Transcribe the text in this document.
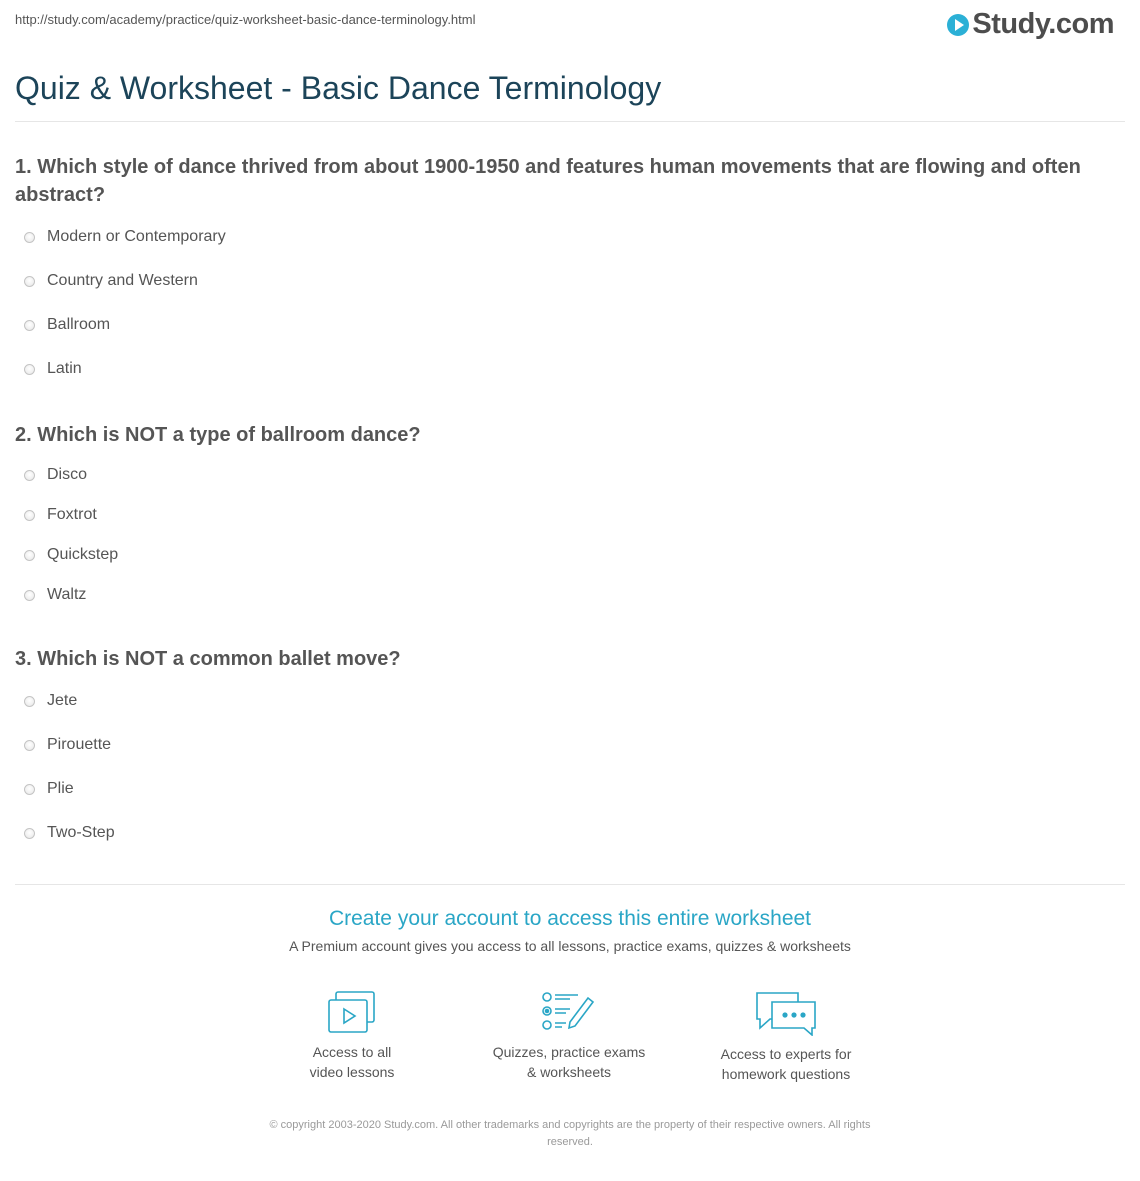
http://study.com/academy/practice/quiz-worksheet-basic-dance-terminology.html	Study.com
Quiz & Worksheet - Basic Dance Terminology
1. Which style of dance thrived from about 1900-1950 and features human movements that are flowing and often abstract?
Modern or Contemporary
Country and Western
Ballroom
Latin
2. Which is NOT a type of ballroom dance?
Disco
Foxtrot
Quickstep
Waltz
3. Which is NOT a common ballet move?
Jete
Pirouette
Plie
Two-Step
Create your account to access this entire worksheet
A Premium account gives you access to all lessons, practice exams, quizzes & worksheets
Access to all
video lessons
Quizzes, practice exams
& worksheets
Access to experts for
homework questions
© copyright 2003-2020 Study.com. All other trademarks and copyrights are the property of their respective owners. All rights
reserved.
